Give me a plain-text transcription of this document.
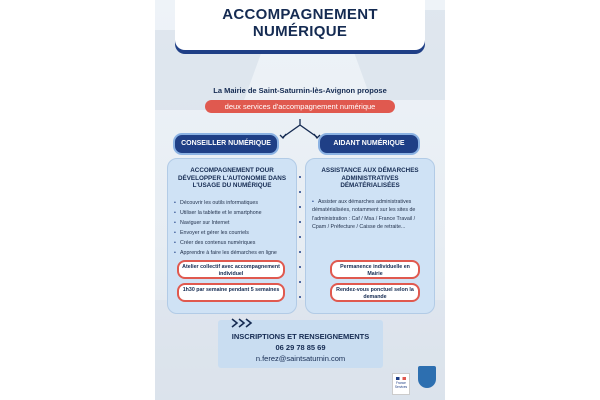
ACCOMPAGNEMENT
NUMÉRIQUE
La Mairie de Saint-Saturnin-lès-Avignon propose
deux services d'accompagnement numérique
CONSEILLER NUMÉRIQUE	AIDANT NUMÉRIQUE
ACCOMPAGNEMENT POUR DÉVELOPPER L'AUTONOMIE DANS L'USAGE DU NUMÉRIQUE
• Découvrir les outils informatiques
• Utiliser la tablette et le smartphone
• Naviguer sur Internet
• Envoyer et gérer les courriels
• Créer des contenus numériques
• Apprendre à faire les démarches en ligne
Atelier collectif avec accompagnement individuel
1h30 par semaine pendant 5 semaines
ASSISTANCE AUX DÉMARCHES ADMINISTRATIVES DÉMATÉRIALISÉES
• Assister aux démarches administratives dématérialisées, notamment sur les sites de l'administration : Caf / Msa / France Travail / Cpam / Préfecture / Caisse de retraite...
Permanence individuelle en Mairie
Rendez-vous ponctuel selon la demande
INSCRIPTIONS ET RENSEIGNEMENTS
06 29 78 85 69
n.ferez@saintsaturnin.com
France Services
